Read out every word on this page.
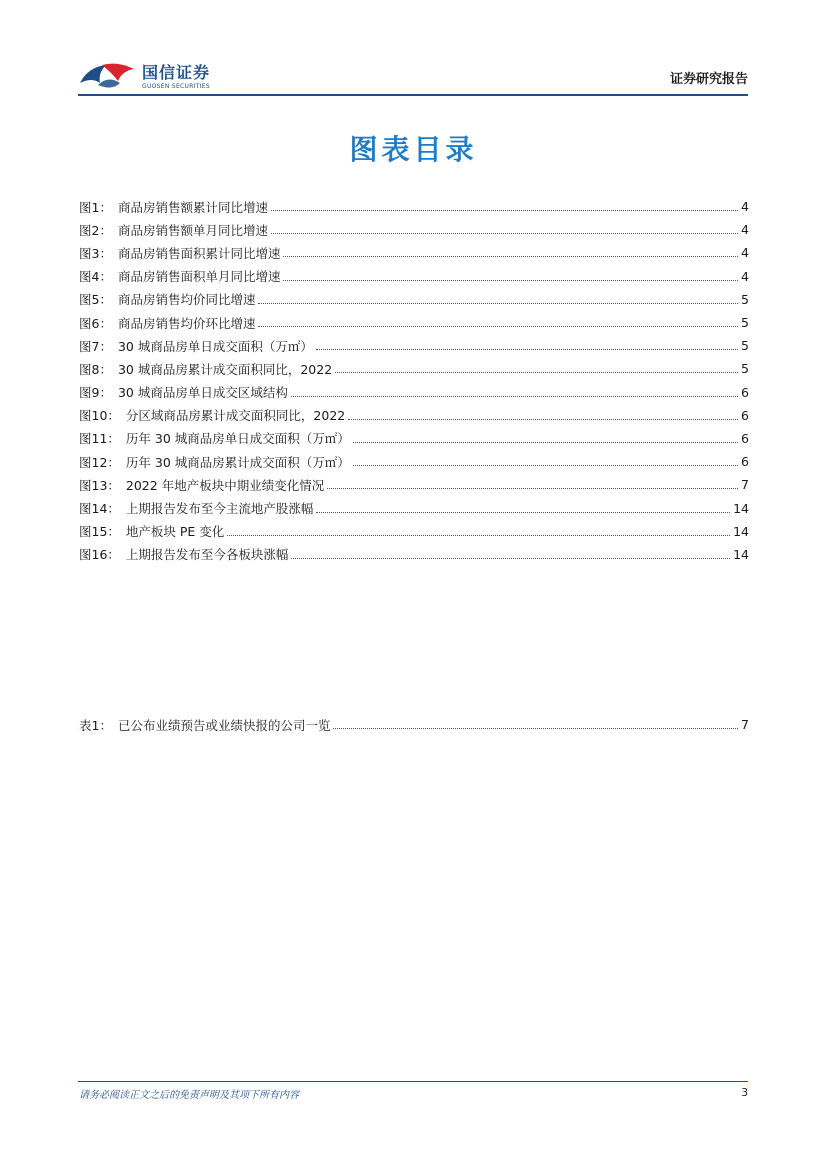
国信证券
GUOSEN SECURITIES	证券研究报告
图表目录
图1： 商品房销售额累计同比增速	4
图2： 商品房销售额单月同比增速	4
图3： 商品房销售面积累计同比增速	4
图4： 商品房销售面积单月同比增速	4
图5： 商品房销售均价同比增速	5
图6： 商品房销售均价环比增速	5
图7： 30 城商品房单日成交面积（万㎡）	5
图8： 30 城商品房累计成交面积同比，2022	5
图9： 30 城商品房单日成交区域结构	6
图10： 分区域商品房累计成交面积同比，2022	6
图11： 历年 30 城商品房单日成交面积（万㎡）	6
图12： 历年 30 城商品房累计成交面积（万㎡）	6
图13： 2022 年地产板块中期业绩变化情况	7
图14： 上期报告发布至今主流地产股涨幅	14
图15： 地产板块 PE 变化	14
图16： 上期报告发布至今各板块涨幅	14
表1： 已公布业绩预告或业绩快报的公司一览	7
请务必阅读正文之后的免责声明及其项下所有内容	3
